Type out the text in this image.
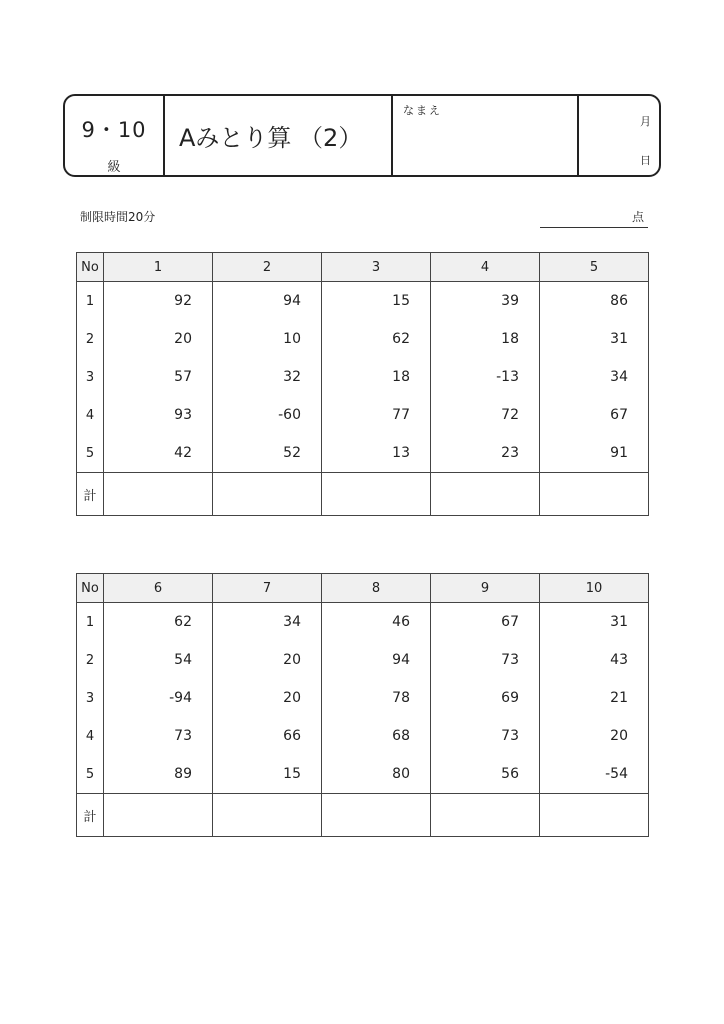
9・10
級
Aみとり算 （2）
なまえ
月
日
制限時間20分	点
No	1	2	3	4	5
1	92	94	15	39	86
2	20	10	62	18	31
3	57	32	18	-13	34
4	93	-60	77	72	67
5	42	52	13	23	91
計					
No	6	7	8	9	10
1	62	34	46	67	31
2	54	20	94	73	43
3	-94	20	78	69	21
4	73	66	68	73	20
5	89	15	80	56	-54
計					
